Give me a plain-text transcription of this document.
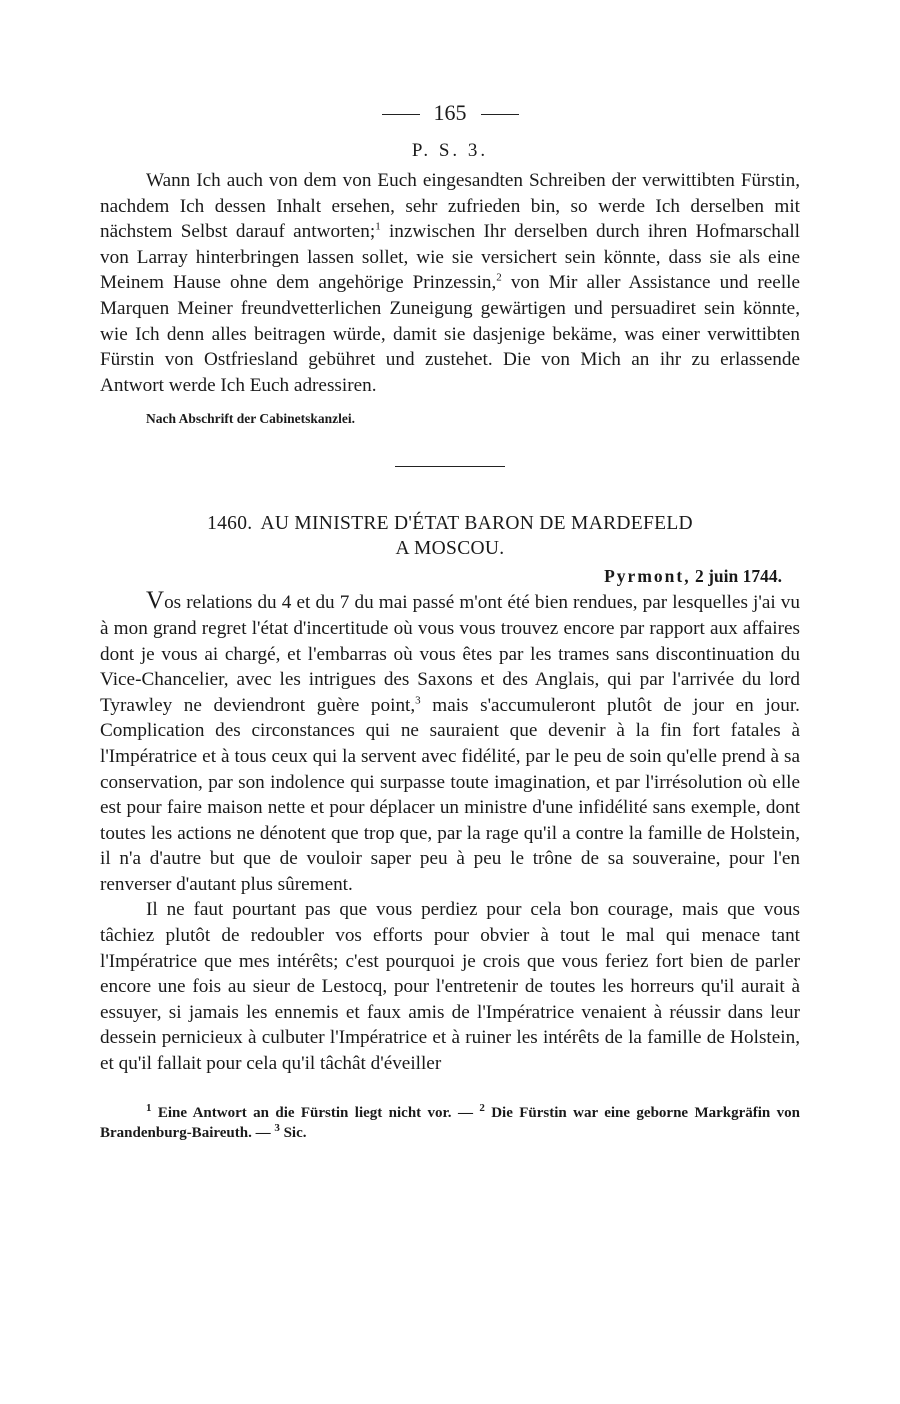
165
P. S. 3.

Wann Ich auch von dem von Euch eingesandten Schreiben der verwittibten Fürstin, nachdem Ich dessen Inhalt ersehen, sehr zufrieden bin, so werde Ich derselben mit nächstem Selbst darauf antworten;$^1$ inzwischen Ihr derselben durch ihren Hofmarschall von Larray hinterbringen lassen sollet, wie sie versichert sein könnte, dass sie als eine Meinem Hause ohne dem angehörige Prinzessin,$^2$ von Mir aller Assistance und reelle Marquen Meiner freundvetterlichen Zuneigung gewärtigen und persuadiret sein könnte, wie Ich denn alles beitragen würde, damit sie dasjenige bekäme, was einer verwittibten Fürstin von Ostfriesland gebühret und zustehet. Die von Mich an ihr zu erlassende Antwort werde Ich Euch adressiren.

Nach Abschrift der Cabinetskanzlei.
1460. AU MINISTRE D'ÉTAT BARON DE MARDEFELD
A MOSCOU.
Pyrmont, 2 juin 1744.

Vos relations du 4 et du 7 du mai passé m'ont été bien rendues, par lesquelles j'ai vu à mon grand regret l'état d'incertitude où vous vous trouvez encore par rapport aux affaires dont je vous ai chargé, et l'embarras où vous êtes par les trames sans discontinuation du Vice-Chancelier, avec les intrigues des Saxons et des Anglais, qui par l'arrivée du lord Tyrawley ne deviendront guère point,$^3$ mais s'accumuleront plutôt de jour en jour. Complication des circonstances qui ne sauraient que devenir à la fin fort fatales à l'Impératrice et à tous ceux qui la servent avec fidélité, par le peu de soin qu'elle prend à sa conservation, par son indolence qui surpasse toute imagination, et par l'irrésolution où elle est pour faire maison nette et pour déplacer un ministre d'une infidélité sans exemple, dont toutes les actions ne dénotent que trop que, par la rage qu'il a contre la famille de Holstein, il n'a d'autre but que de vouloir saper peu à peu le trône de sa souveraine, pour l'en renverser d'autant plus sûrement.

Il ne faut pourtant pas que vous perdiez pour cela bon courage, mais que vous tâchiez plutôt de redoubler vos efforts pour obvier à tout le mal qui menace tant l'Impératrice que mes intérêts; c'est pourquoi je crois que vous feriez fort bien de parler encore une fois au sieur de Lestocq, pour l'entretenir de toutes les horreurs qu'il aurait à essuyer, si jamais les ennemis et faux amis de l'Impératrice venaient à réussir dans leur dessein pernicieux à culbuter l'Impératrice et à ruiner les intérêts de la famille de Holstein, et qu'il fallait pour cela qu'il tâchât d'éveiller

$^1$ Eine Antwort an die Fürstin liegt nicht vor. — $^2$ Die Fürstin war eine geborne Markgräfin von Brandenburg-Baireuth. — $^3$ Sic.
